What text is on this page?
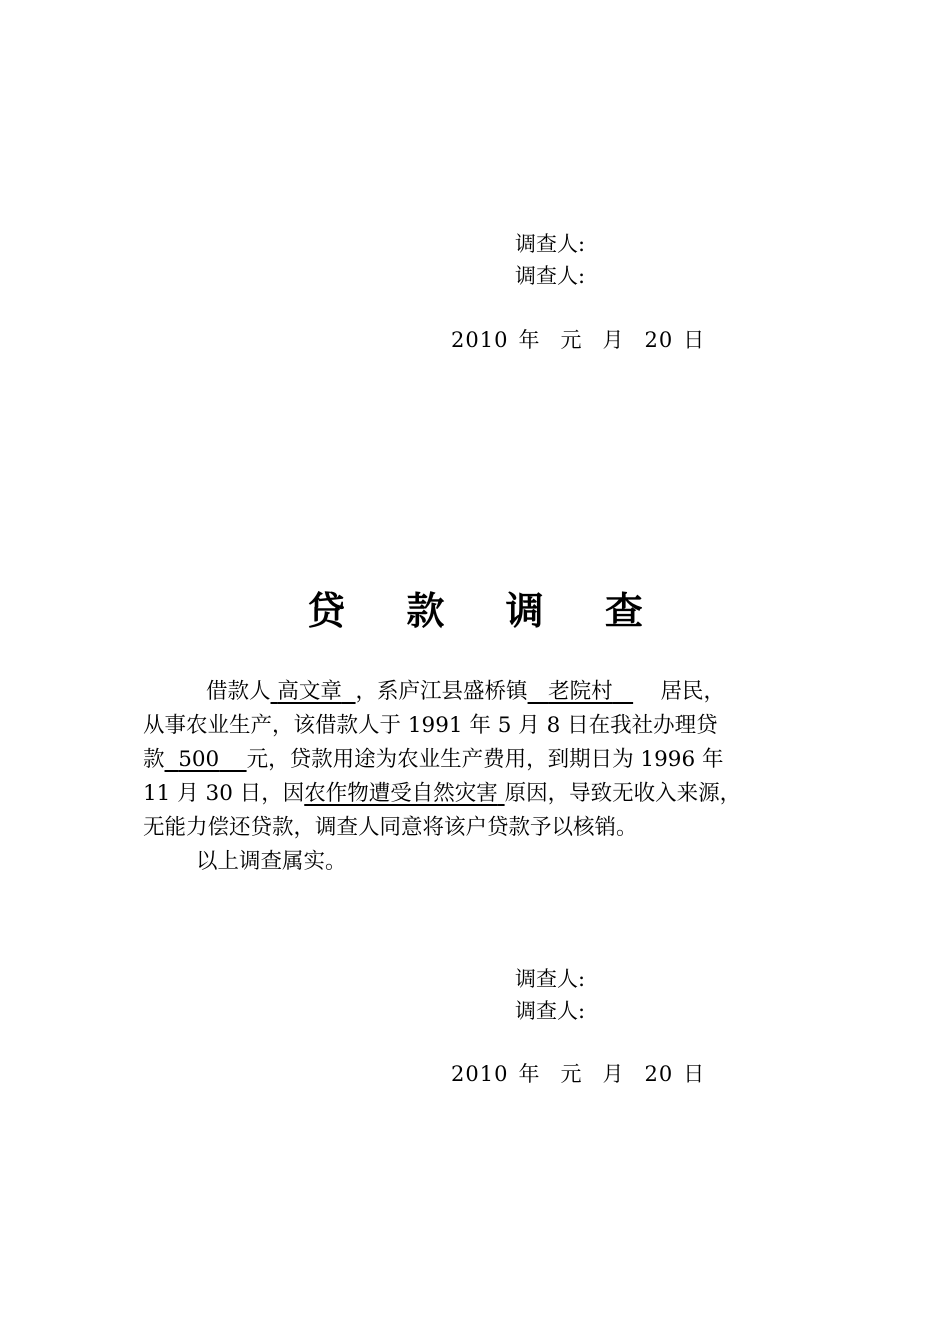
调查人:
调查人:
2010 年 元 月 20 日
贷 款 调 查
借款人 高文章 ，系庐江县盛桥镇 老院村 居民，
从事农业生产，该借款人于 1991 年 5 月 8 日在我社办理贷
款 500 元，贷款用途为农业生产费用，到期日为 1996 年
11 月 30 日，因农作物遭受自然灾害 原因，导致无收入来源，
无能力偿还贷款，调查人同意将该户贷款予以核销。
以上调查属实。
调查人:
调查人:
2010 年 元 月 20 日
